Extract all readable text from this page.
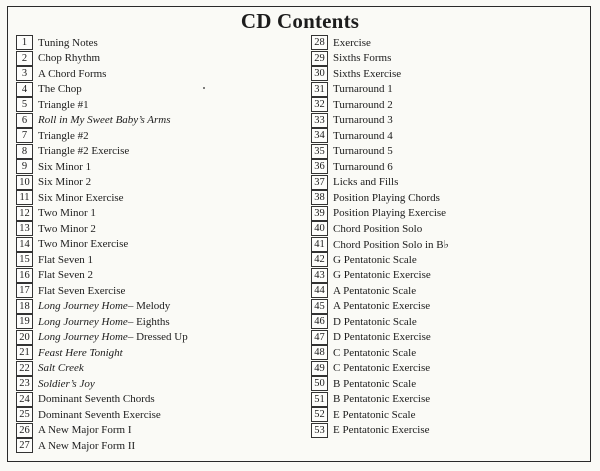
CD Contents
1 Tuning Notes
2 Chop Rhythm
3 A Chord Forms
4 The Chop
5 Triangle #1
6 Roll in My Sweet Baby’s Arms
7 Triangle #2
8 Triangle #2 Exercise
9 Six Minor 1
10 Six Minor 2
11 Six Minor Exercise
12 Two Minor 1
13 Two Minor 2
14 Two Minor Exercise
15 Flat Seven 1
16 Flat Seven 2
17 Flat Seven Exercise
18 Long Journey Home – Melody
19 Long Journey Home – Eighths
20 Long Journey Home – Dressed Up
21 Feast Here Tonight
22 Salt Creek
23 Soldier’s Joy
24 Dominant Seventh Chords
25 Dominant Seventh Exercise
26 A New Major Form I
27 A New Major Form II
28 Exercise
29 Sixths Forms
30 Sixths Exercise
31 Turnaround 1
32 Turnaround 2
33 Turnaround 3
34 Turnaround 4
35 Turnaround 5
36 Turnaround 6
37 Licks and Fills
38 Position Playing Chords
39 Position Playing Exercise
40 Chord Position Solo
41 Chord Position Solo in B♭
42 G Pentatonic Scale
43 G Pentatonic Exercise
44 A Pentatonic Scale
45 A Pentatonic Exercise
46 D Pentatonic Scale
47 D Pentatonic Exercise
48 C Pentatonic Scale
49 C Pentatonic Exercise
50 B Pentatonic Scale
51 B Pentatonic Exercise
52 E Pentatonic Scale
53 E Pentatonic Exercise
